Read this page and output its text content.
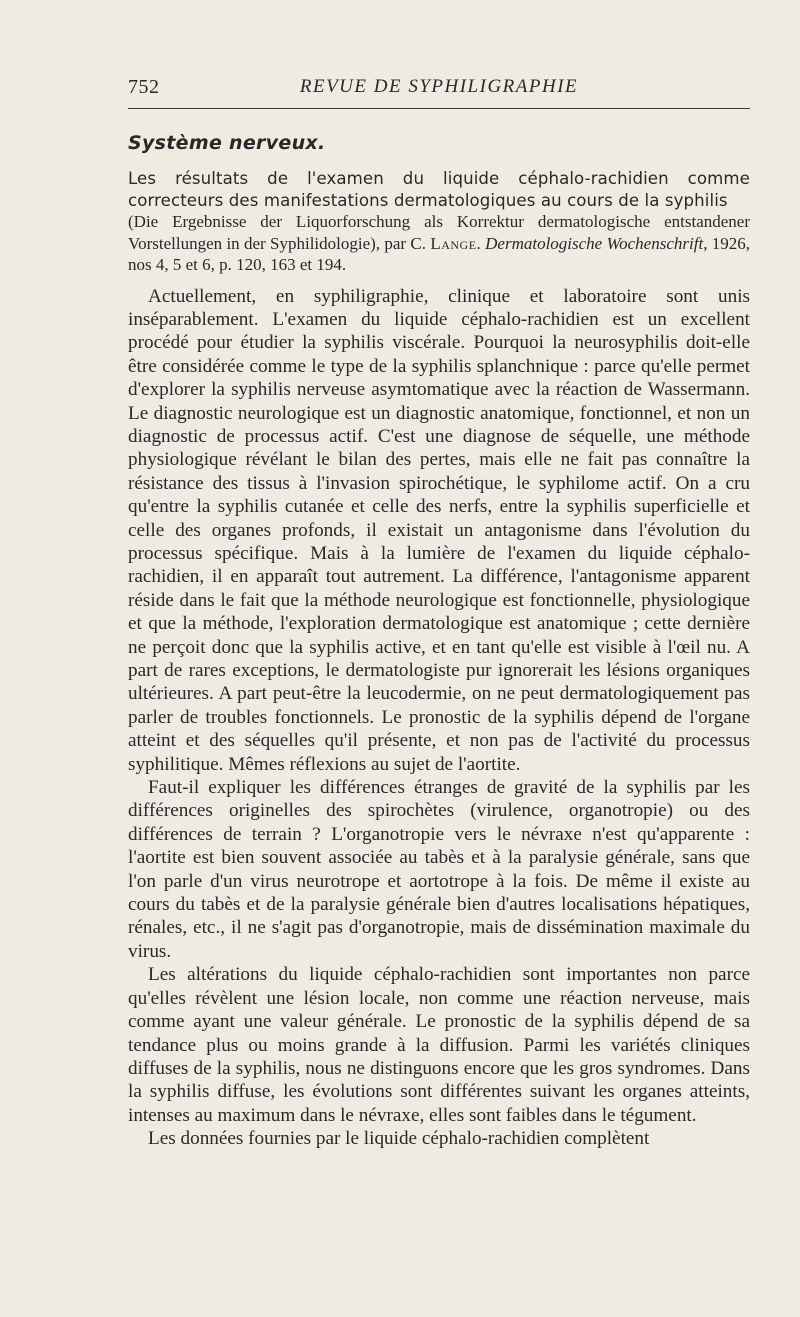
752	REVUE DE SYPHILIGRAPHIE
Système nerveux.

Les résultats de l'examen du liquide céphalo-rachidien comme correcteurs des manifestations dermatologiques au cours de la syphilis

(Die Ergebnisse der Liquorforschung als Korrektur dermatologische entstandener Vorstellungen in der Syphilidologie), par C. Lange. Dermatologische Wochenschrift, 1926, nos 4, 5 et 6, p. 120, 163 et 194.

Actuellement, en syphiligraphie, clinique et laboratoire sont unis inséparablement. L'examen du liquide céphalo-rachidien est un excellent procédé pour étudier la syphilis viscérale. Pourquoi la neurosyphilis doit-elle être considérée comme le type de la syphilis splanchnique : parce qu'elle permet d'explorer la syphilis nerveuse asymtomatique avec la réaction de Wassermann. Le diagnostic neurologique est un diagnostic anatomique, fonctionnel, et non un diagnostic de processus actif. C'est une diagnose de séquelle, une méthode physiologique révélant le bilan des pertes, mais elle ne fait pas connaître la résistance des tissus à l'invasion spirochétique, le syphilome actif. On a cru qu'entre la syphilis cutanée et celle des nerfs, entre la syphilis superficielle et celle des organes profonds, il existait un antagonisme dans l'évolution du processus spécifique. Mais à la lumière de l'examen du liquide céphalo-rachidien, il en apparaît tout autrement. La différence, l'antagonisme apparent réside dans le fait que la méthode neurologique est fonctionnelle, physiologique et que la méthode, l'exploration dermatologique est anatomique ; cette dernière ne perçoit donc que la syphilis active, et en tant qu'elle est visible à l'œil nu. A part de rares exceptions, le dermatologiste pur ignorerait les lésions organiques ultérieures. A part peut-être la leucodermie, on ne peut dermatologiquement pas parler de troubles fonctionnels. Le pronostic de la syphilis dépend de l'organe atteint et des séquelles qu'il présente, et non pas de l'activité du processus syphilitique. Mêmes réflexions au sujet de l'aortite.

Faut-il expliquer les différences étranges de gravité de la syphilis par les différences originelles des spirochètes (virulence, organotropie) ou des différences de terrain ? L'organotropie vers le névraxe n'est qu'apparente : l'aortite est bien souvent associée au tabès et à la paralysie générale, sans que l'on parle d'un virus neurotrope et aortotrope à la fois. De même il existe au cours du tabès et de la paralysie générale bien d'autres localisations hépatiques, rénales, etc., il ne s'agit pas d'organotropie, mais de dissémination maximale du virus.

Les altérations du liquide céphalo-rachidien sont importantes non parce qu'elles révèlent une lésion locale, non comme une réaction nerveuse, mais comme ayant une valeur générale. Le pronostic de la syphilis dépend de sa tendance plus ou moins grande à la diffusion. Parmi les variétés cliniques diffuses de la syphilis, nous ne distinguons encore que les gros syndromes. Dans la syphilis diffuse, les évolutions sont différentes suivant les organes atteints, intenses au maximum dans le névraxe, elles sont faibles dans le tégument.

Les données fournies par le liquide céphalo-rachidien complètent
